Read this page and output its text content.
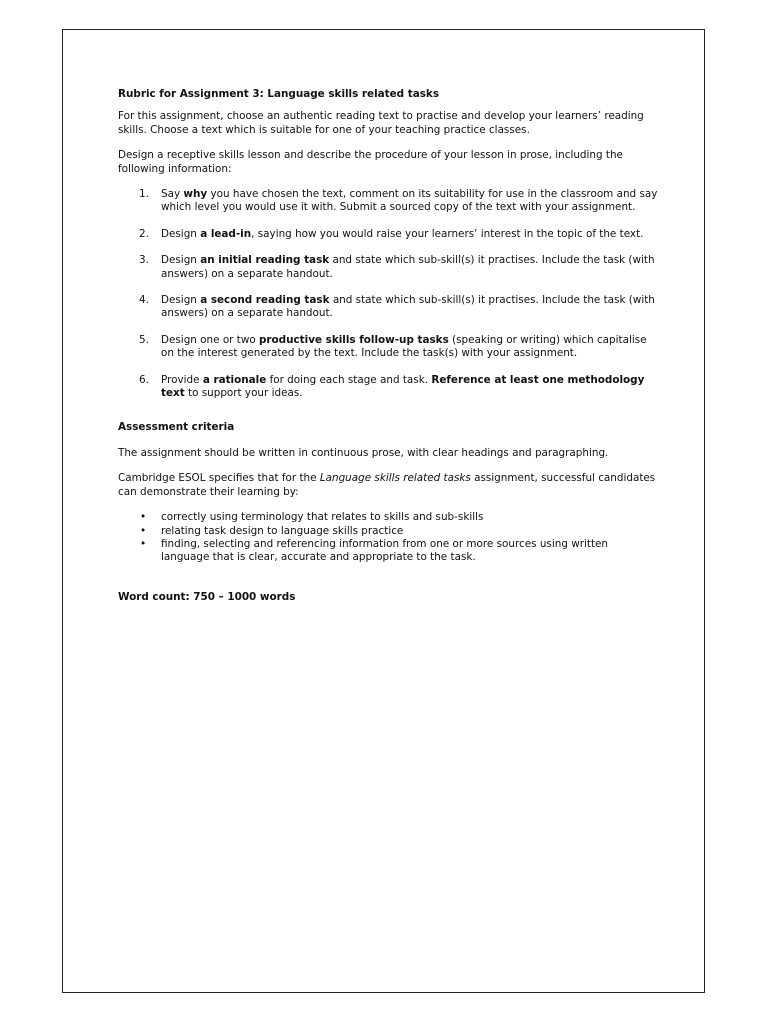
Rubric for Assignment 3: Language skills related tasks

For this assignment, choose an authentic reading text to practise and develop your learners’ reading skills. Choose a text which is suitable for one of your teaching practice classes.

Design a receptive skills lesson and describe the procedure of your lesson in prose, including the following information:

1. Say why you have chosen the text, comment on its suitability for use in the classroom and say which level you would use it with. Submit a sourced copy of the text with your assignment.
2. Design a lead-in, saying how you would raise your learners’ interest in the topic of the text.
3. Design an initial reading task and state which sub-skill(s) it practises. Include the task (with answers) on a separate handout.
4. Design a second reading task and state which sub-skill(s) it practises. Include the task (with answers) on a separate handout.
5. Design one or two productive skills follow-up tasks (speaking or writing) which capitalise on the interest generated by the text. Include the task(s) with your assignment.
6. Provide a rationale for doing each stage and task. Reference at least one methodology text to support your ideas.

Assessment criteria

The assignment should be written in continuous prose, with clear headings and paragraphing.

Cambridge ESOL specifies that for the Language skills related tasks assignment, successful candidates can demonstrate their learning by:

• correctly using terminology that relates to skills and sub-skills
• relating task design to language skills practice
• finding, selecting and referencing information from one or more sources using written language that is clear, accurate and appropriate to the task.

Word count: 750 – 1000 words
